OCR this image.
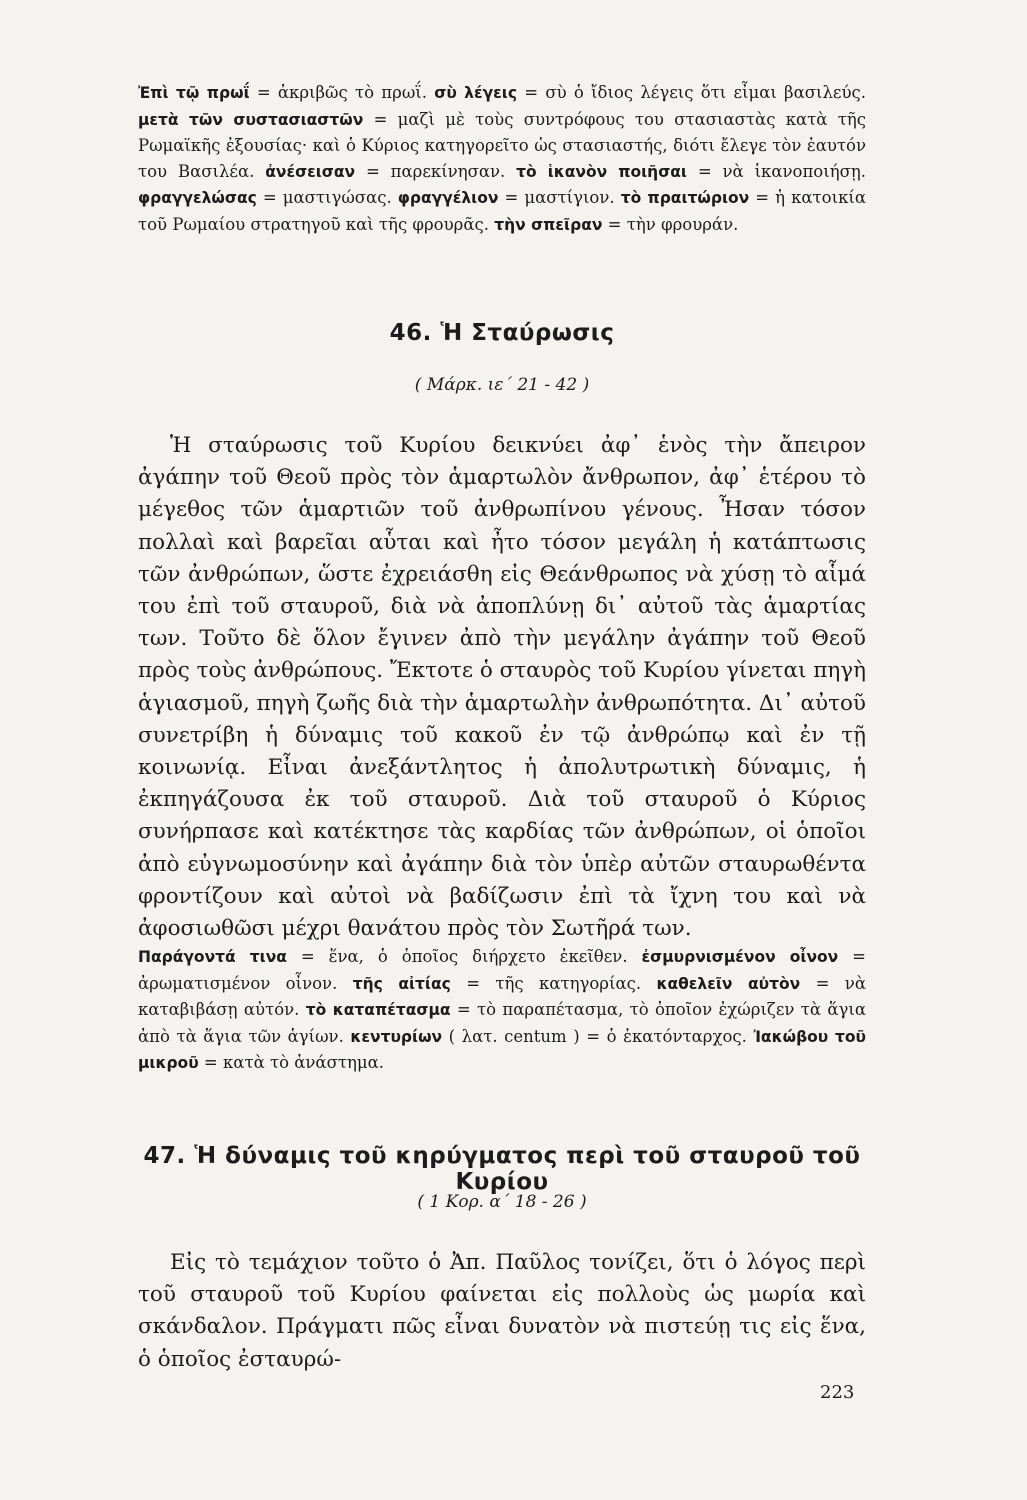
Ἐπὶ τῷ πρωΐ = ἀκριβῶς τὸ πρωΐ. σὺ λέγεις = σὺ ὁ ἴδιος λέγεις ὅτι εἶμαι βασιλεύς. μετὰ τῶν συστασιαστῶν = μαζὶ μὲ τοὺς συντρόφους του στασιαστὰς κατὰ τῆς Ρωμαϊκῆς ἐξουσίας· καὶ ὁ Κύριος κατηγορεῖτο ὡς στασιαστής, διότι ἔλεγε τὸν ἑαυτόν του Βασιλέα. ἀνέσεισαν = παρεκίνησαν. τὸ ἱκανὸν ποιῆσαι = νὰ ἱκανοποιήσῃ. φραγγελώσας = μαστιγώσας. φραγγέλιον = μαστίγιον. τὸ πραιτώριον = ἡ κατοικία τοῦ Ρωμαίου στρατηγοῦ καὶ τῆς φρουρᾶς. τὴν σπεῖραν = τὴν φρουράν.
46. Ἡ Σταύρωσις
( Μάρκ. ιε΄ 21 - 42 )

Ἡ σταύρωσις τοῦ Κυρίου δεικνύει ἀφ᾽ ἑνὸς τὴν ἄπειρον ἀγάπην τοῦ Θεοῦ πρὸς τὸν ἁμαρτωλὸν ἄνθρωπον, ἀφ᾽ ἑτέρου τὸ μέγεθος τῶν ἁμαρτιῶν τοῦ ἀνθρωπίνου γένους. Ἦσαν τόσον πολλαὶ καὶ βαρεῖαι αὗται καὶ ἦτο τόσον μεγάλη ἡ κατάπτωσις τῶν ἀνθρώπων, ὥστε ἐχρειάσθη εἰς Θεάνθρωπος νὰ χύσῃ τὸ αἷμά του ἐπὶ τοῦ σταυροῦ, διὰ νὰ ἀποπλύνῃ δι᾽ αὐτοῦ τὰς ἁμαρτίας των. Τοῦτο δὲ ὅλον ἔγινεν ἀπὸ τὴν μεγάλην ἀγάπην τοῦ Θεοῦ πρὸς τοὺς ἀνθρώπους. Ἔκτοτε ὁ σταυρὸς τοῦ Κυρίου γίνεται πηγὴ ἁγιασμοῦ, πηγὴ ζωῆς διὰ τὴν ἁμαρτωλὴν ἀνθρωπότητα. Δι᾽ αὐτοῦ συνετρίβη ἡ δύναμις τοῦ κακοῦ ἐν τῷ ἀνθρώπῳ καὶ ἐν τῇ κοινωνίᾳ. Εἶναι ἀνεξάντλητος ἡ ἀπολυτρωτικὴ δύναμις, ἡ ἐκπηγάζουσα ἐκ τοῦ σταυροῦ. Διὰ τοῦ σταυροῦ ὁ Κύριος συνήρπασε καὶ κατέκτησε τὰς καρδίας τῶν ἀνθρώπων, οἱ ὁποῖοι ἀπὸ εὐγνωμοσύνην καὶ ἀγάπην διὰ τὸν ὑπὲρ αὐτῶν σταυρωθέντα φροντίζουν καὶ αὐτοὶ νὰ βαδίζωσιν ἐπὶ τὰ ἴχνη του καὶ νὰ ἀφοσιωθῶσι μέχρι θανάτου πρὸς τὸν Σωτῆρά των.

Παράγοντά τινα = ἕνα, ὁ ὁποῖος διήρχετο ἐκεῖθεν. ἐσμυρνισμένον οἶνον = ἀρωματισμένον οἶνον. τῆς αἰτίας = τῆς κατηγορίας. καθελεῖν αὐτὸν = νὰ καταβιβάσῃ αὐτόν. τὸ καταπέτασμα = τὸ παραπέτασμα, τὸ ὁποῖον ἐχώριζεν τὰ ἅγια ἀπὸ τὰ ἅγια τῶν ἁγίων. κεντυρίων ( λατ. centum ) = ὁ ἑκατόνταρχος. Ἰακώβου τοῦ μικροῦ = κατὰ τὸ ἀνάστημα.
47. Ἡ δύναμις τοῦ κηρύγματος περὶ τοῦ σταυροῦ τοῦ Κυρίου
( 1 Κορ. α΄ 18 - 26 )

Εἰς τὸ τεμάχιον τοῦτο ὁ Ἀπ. Παῦλος τονίζει, ὅτι ὁ λόγος περὶ τοῦ σταυροῦ τοῦ Κυρίου φαίνεται εἰς πολλοὺς ὡς μωρία καὶ σκάνδαλον. Πράγματι πῶς εἶναι δυνατὸν νὰ πιστεύῃ τις εἰς ἕνα, ὁ ὁποῖος ἐσταυρώ-

223
